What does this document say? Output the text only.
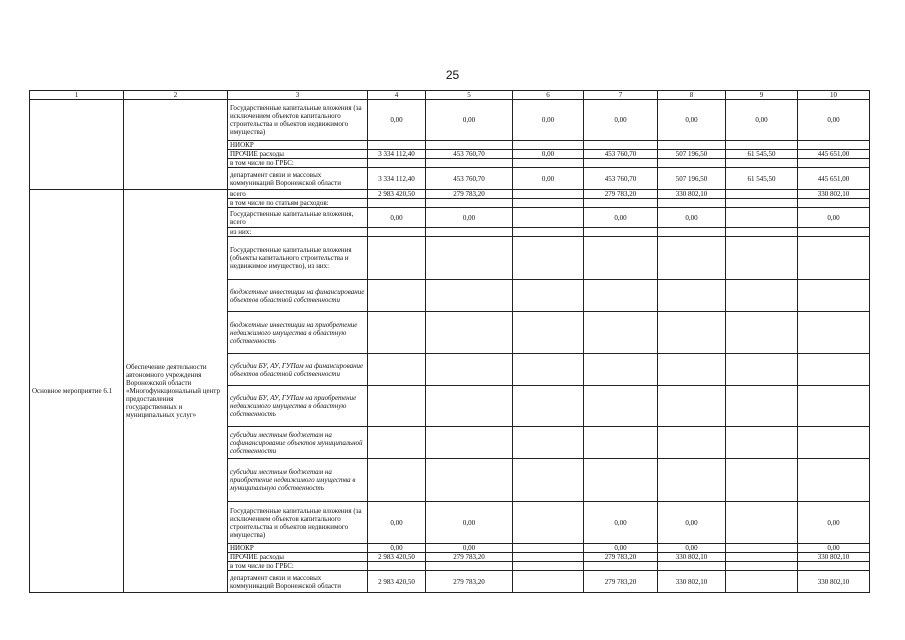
25
1	2	3	4	5	6	7	8	9	10
		Государственные капитальные вложения (за исключением объектов капитального строительства и объектов недвижимого имущества)	0,00	0,00	0,00	0,00	0,00	0,00	0,00
		НИОКР							
		ПРОЧИЕ расходы	3 334 112,40	453 760,70	0,00	453 760,70	507 196,50	61 545,50	445 651,00
		в том числе по ГРБС:							
		департамент связи и массовых коммуникаций Воронежской области	3 334 112,40	453 760,70	0,00	453 760,70	507 196,50	61 545,50	445 651,00
Основное мероприятие 6.1	Обеспечение деятельности автономного учреждения Воронежской области «Многофункциональный центр предоставления государственных и муниципальных услуг»	всего	2 983 420,50	279 783,20		279 783,20	330 802,10		330 802,10
		в том числе по статьям расходов:							
		Государственные капитальные вложения, всего	0,00	0,00		0,00	0,00		0,00
		из них:							
		Государственные капитальные вложения (объекты капитального строительства и недвижимое имущество), из них:							
		бюджетные инвестиции на финансирование объектов областной собственности							
		бюджетные инвестиции на приобретение недвижимого имущества в областную собственность							
		субсидии БУ, АУ, ГУПам на финансирование объектов областной собственности							
		субсидии БУ, АУ, ГУПам на приобретение недвижимого имущества в областную собственность							
		субсидии местным бюджетам на софинансирование объектов муниципальной собственности							
		субсидии местным бюджетам на приобретение недвижимого имущества в муниципальную собственность							
		Государственные капитальные вложения (за исключением объектов капитального строительства и объектов недвижимого имущества)	0,00	0,00		0,00	0,00		0,00
		НИОКР	0,00	0,00		0,00	0,00		0,00
		ПРОЧИЕ расходы	2 983 420,50	279 783,20		279 783,20	330 802,10		330 802,10
		в том числе по ГРБС:							
		департамент связи и массовых коммуникаций Воронежской области	2 983 420,50	279 783,20		279 783,20	330 802,10		330 802,10
